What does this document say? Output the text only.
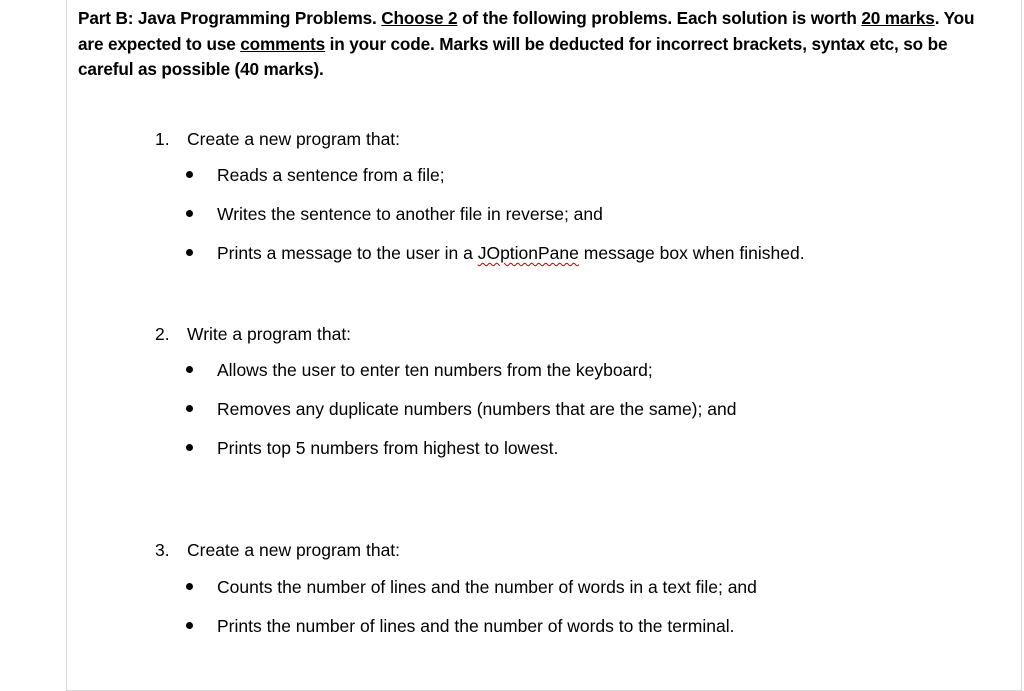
Part B: Java Programming Problems. Choose 2 of the following problems. Each solution is worth 20 marks. You are expected to use comments in your code. Marks will be deducted for incorrect brackets, syntax etc, so be careful as possible (40 marks).
1. Create a new program that:
Reads a sentence from a file;
Writes the sentence to another file in reverse; and
Prints a message to the user in a JOptionPane message box when finished.
2. Write a program that:
Allows the user to enter ten numbers from the keyboard;
Removes any duplicate numbers (numbers that are the same); and
Prints top 5 numbers from highest to lowest.
3. Create a new program that:
Counts the number of lines and the number of words in a text file; and
Prints the number of lines and the number of words to the terminal.
